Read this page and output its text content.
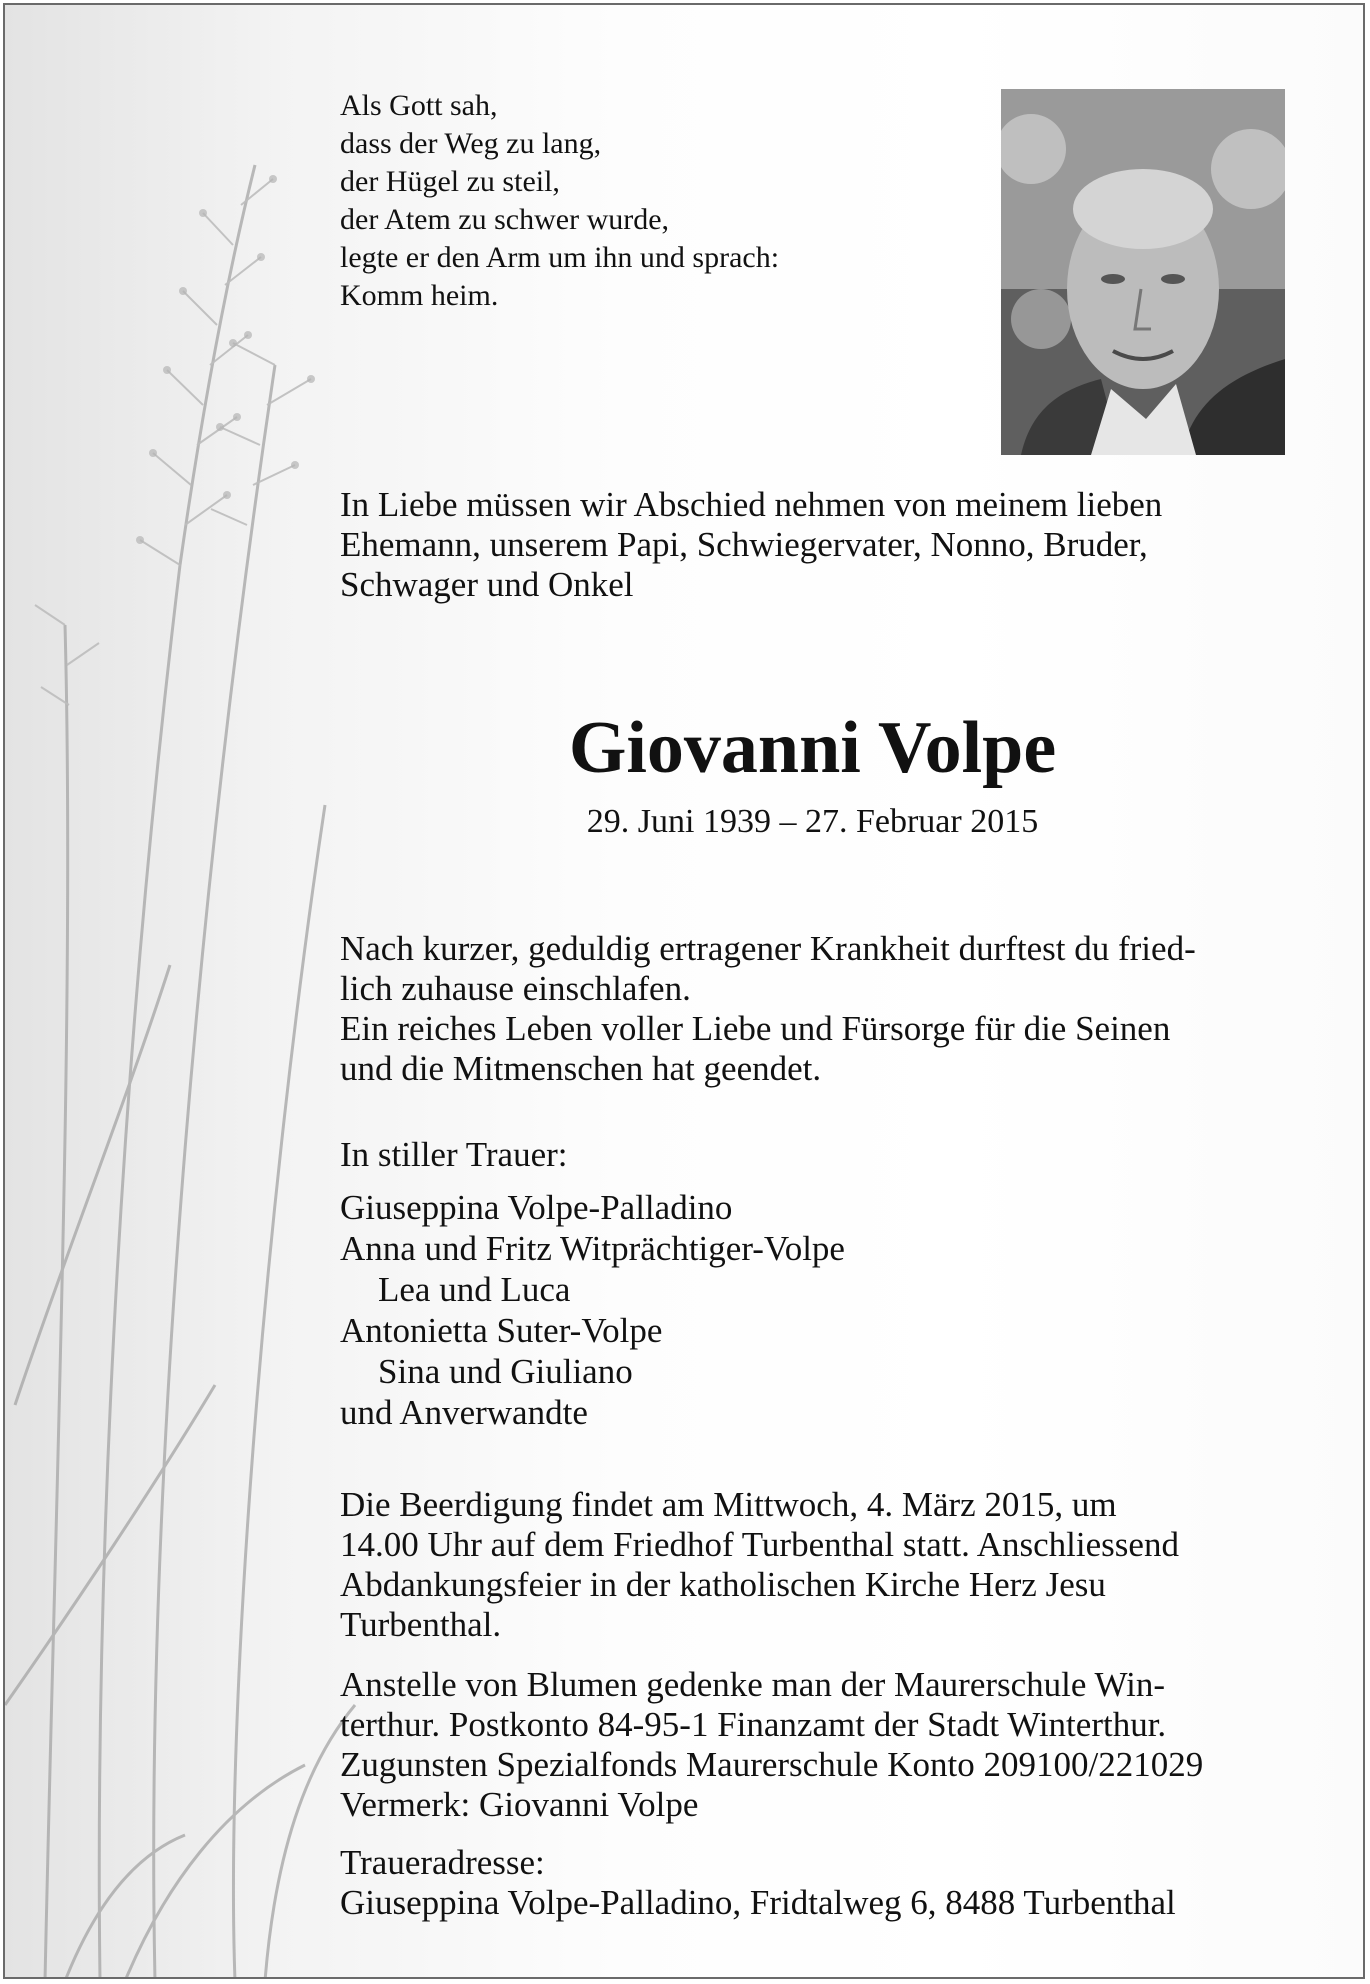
Als Gott sah,
dass der Weg zu lang,
der Hügel zu steil,
der Atem zu schwer wurde,
legte er den Arm um ihn und sprach:
Komm heim.
In Liebe müssen wir Abschied nehmen von meinem lieben
Ehemann, unserem Papi, Schwiegervater, Nonno, Bruder,
Schwager und Onkel
Giovanni Volpe
29. Juni 1939 – 27. Februar 2015
Nach kurzer, geduldig ertragener Krankheit durftest du fried-
lich zuhause einschlafen.
Ein reiches Leben voller Liebe und Fürsorge für die Seinen
und die Mitmenschen hat geendet.
In stiller Trauer:
Giuseppina Volpe-Palladino
Anna und Fritz Witprächtiger-Volpe
Lea und Luca
Antonietta Suter-Volpe
Sina und Giuliano
und Anverwandte
Die Beerdigung findet am Mittwoch, 4. März 2015, um
14.00 Uhr auf dem Friedhof Turbenthal statt. Anschliessend
Abdankungsfeier in der katholischen Kirche Herz Jesu
Turbenthal.
Anstelle von Blumen gedenke man der Maurerschule Win-
terthur. Postkonto 84-95-1 Finanzamt der Stadt Winterthur.
Zugunsten Spezialfonds Maurerschule Konto 209100/221029
Vermerk: Giovanni Volpe
Traueradresse:
Giuseppina Volpe-Palladino, Fridtalweg 6, 8488 Turbenthal
